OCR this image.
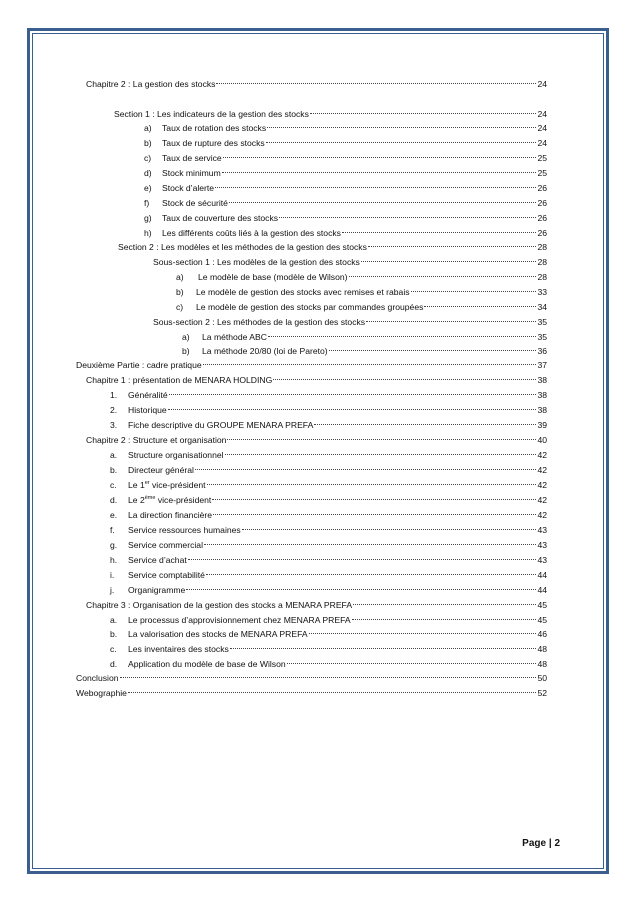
Chapitre 2 : La gestion des stocks	24
Section 1 : Les indicateurs de la gestion des stocks	24
a)	Taux de rotation des stocks	24
b)	Taux de rupture des stocks	24
c)	Taux de service	25
d)	Stock minimum	25
e)	Stock d’alerte	26
f)	Stock de sécurité	26
g)	Taux de couverture des stocks	26
h)	Les différents coûts liés à la gestion des stocks	26
Section 2 : Les modèles et les méthodes de la gestion des stocks	28
Sous-section 1 : Les modèles de la gestion des stocks	28
a)	Le modèle de base (modèle de Wilson)	28
b)	Le modèle de gestion des stocks avec remises et rabais	33
c)	Le modèle de gestion des stocks par commandes groupées	34
Sous-section 2 : Les méthodes de la gestion des stocks	35
a)	La méthode ABC	35
b)	La méthode 20/80 (loi de Pareto)	36
Deuxième Partie : cadre pratique	37
Chapitre 1 : présentation de MENARA HOLDING	38
1.	Généralité	38
2.	Historique	38
3.	Fiche descriptive du GROUPE MENARA PREFA	39
Chapitre 2 : Structure et organisation	40
a.	Structure organisationnel	42
b.	Directeur général	42
c.	Le 1er vice-président	42
d.	Le 2ème vice-président	42
e.	La direction financière	42
f.	Service ressources humaines	43
g.	Service commercial	43
h.	Service d’achat	43
i.	Service comptabilité	44
j.	Organigramme	44
Chapitre 3 : Organisation de la gestion des stocks a MENARA PREFA	45
a.	Le processus d’approvisionnement chez MENARA PREFA	45
b.	La valorisation des stocks de MENARA PREFA	46
c.	Les inventaires des stocks	48
d.	Application du modèle de base de Wilson	48
Conclusion	50
Webographie	52
Page | 2
